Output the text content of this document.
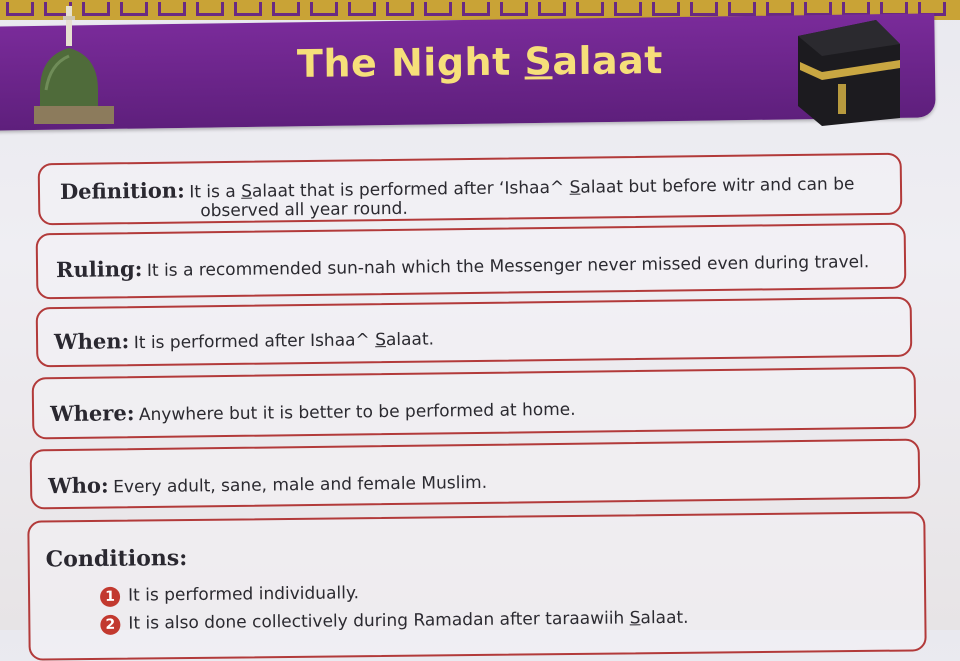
The Night Salaat
Definition: It is a Salaat that is performed after ‘Ishaa^ Salaat but before witr and can be
observed all year round.
Ruling: It is a recommended sun-nah which the Messenger never missed even during travel.
When: It is performed after Ishaa^ Salaat.
Where: Anywhere but it is better to be performed at home.
Who: Every adult, sane, male and female Muslim.
Conditions:
1 It is performed individually.
2 It is also done collectively during Ramadan after taraawiih Salaat.
